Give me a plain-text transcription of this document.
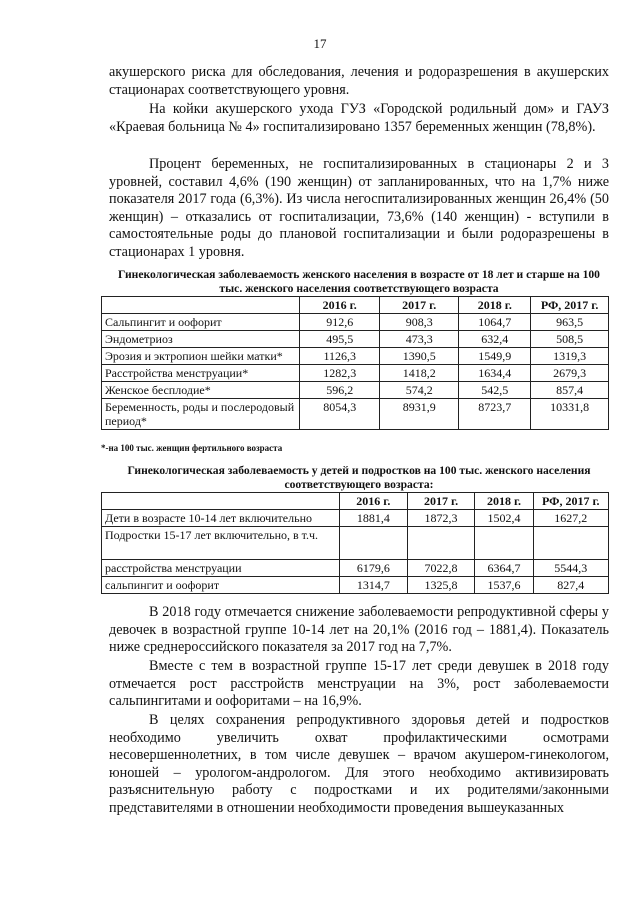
17

акушерского риска для обследования, лечения и родоразрешения в акушерских стационарах соответствующего уровня.

На койки акушерского ухода ГУЗ «Городской родильный дом» и ГАУЗ «Краевая больница № 4» госпитализировано 1357 беременных женщин (78,8%).

Процент беременных, не госпитализированных в стационары 2 и 3 уровней, составил 4,6% (190 женщин) от запланированных, что на 1,7% ниже показателя 2017 года (6,3%). Из числа негоспитализированных женщин 26,4% (50 женщин) – отказались от госпитализации, 73,6% (140 женщин) - вступили в самостоятельные роды до плановой госпитализации и были родоразрешены в стационарах 1 уровня.

Гинекологическая заболеваемость женского населения в возрасте от 18 лет и старше на 100 тыс. женского населения соответствующего возраста

	2016 г.	2017 г.	2018 г.	РФ, 2017 г.
Сальпингит и оофорит	912,6	908,3	1064,7	963,5
Эндометриоз	495,5	473,3	632,4	508,5
Эрозия и эктропион шейки матки*	1126,3	1390,5	1549,9	1319,3
Расстройства менструации*	1282,3	1418,2	1634,4	2679,3
Женское бесплодие*	596,2	574,2	542,5	857,4
Беременность, роды и послеродовый период*	8054,3	8931,9	8723,7	10331,8
*-на 100 тыс. женщин фертильного возраста

Гинекологическая заболеваемость у детей и подростков на 100 тыс. женского населения соответствующего возраста:

	2016 г.	2017 г.	2018 г.	РФ, 2017 г.
Дети в возрасте 10-14 лет включительно	1881,4	1872,3	1502,4	1627,2
Подростки 15-17 лет включительно, в т.ч.				
расстройства менструации	6179,6	7022,8	6364,7	5544,3
сальпингит и оофорит	1314,7	1325,8	1537,6	827,4

В 2018 году отмечается снижение заболеваемости репродуктивной сферы у девочек в возрастной группе 10-14 лет на 20,1% (2016 год – 1881,4). Показатель ниже среднероссийского показателя за 2017 год на 7,7%.

Вместе с тем в возрастной группе 15-17 лет среди девушек в 2018 году отмечается рост расстройств менструации на 3%, рост заболеваемости сальпингитами и оофоритами – на 16,9%.

В целях сохранения репродуктивного здоровья детей и подростков необходимо увеличить охват профилактическими осмотрами несовершеннолетних, в том числе девушек – врачом акушером-гинекологом, юношей – урологом-андрологом. Для этого необходимо активизировать разъяснительную работу с подростками и их родителями/законными представителями в отношении необходимости проведения вышеуказанных
